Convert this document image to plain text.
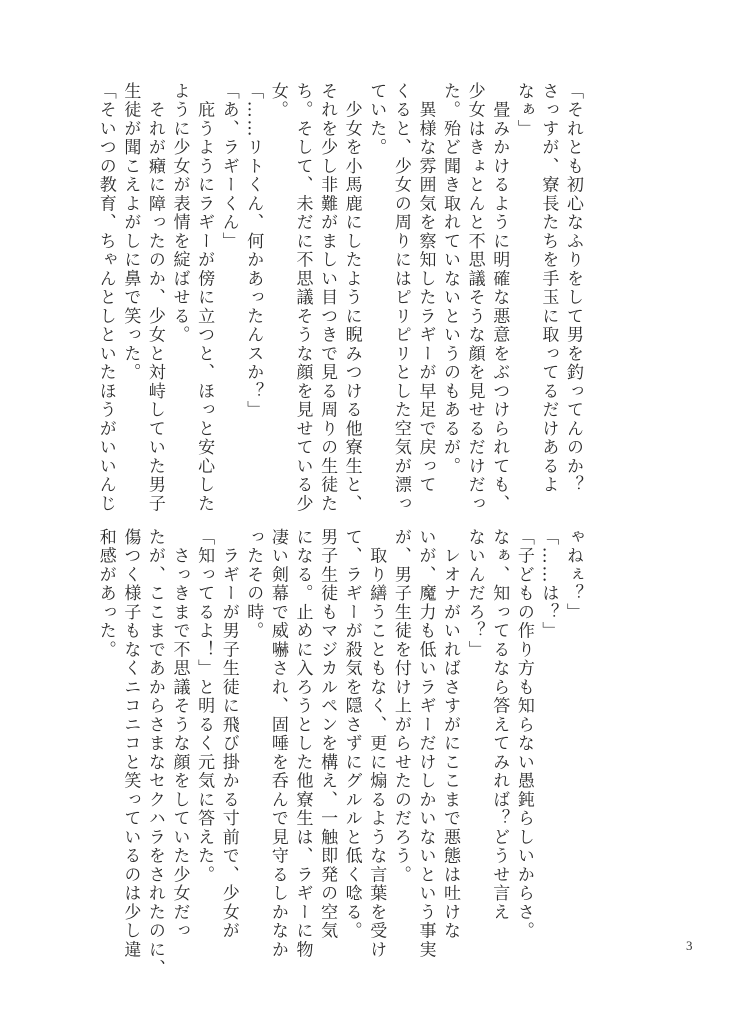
「それとも初心なふりをして男を釣ってんのか？
さっすが、寮長たちを手玉に取ってるだけあるよ
なぁ」
　畳みかけるように明確な悪意をぶつけられても、
少女はきょとんと不思議そうな顔を見せるだけだっ
た。殆ど聞き取れていないというのもあるが。
　異様な雰囲気を察知したラギーが早足で戻って
くると、少女の周りにはピリピリとした空気が漂っ
ていた。
　少女を小馬鹿にしたように睨みつける他寮生と、
それを少し非難がましい目つきで見る周りの生徒た
ち。そして、未だに不思議そうな顔を見せている少
女。
「……リトくん、何かあったんスか？」
「あ、ラギーくん」
　庇うようにラギーが傍に立つと、ほっと安心した
ように少女が表情を綻ばせる。
　それが癪に障ったのか、少女と対峙していた男子
生徒が聞こえよがしに鼻で笑った。
「そいつの教育、ちゃんとしといたほうがいいんじ
ゃねぇ？」
「……は？」
「子どもの作り方も知らない愚鈍らしいからさ。
なぁ、知ってるなら答えてみれば？どうせ言え
ないんだろ？」
　レオナがいればさすがにここまで悪態は吐けな
いが、魔力も低いラギーだけしかいないという事実
が、男子生徒を付け上がらせたのだろう。
　取り繕うこともなく、更に煽るような言葉を受け
て、ラギーが殺気を隠さずにグルルと低く唸る。
男子生徒もマジカルペンを構え、一触即発の空気
になる。止めに入ろうとした他寮生は、ラギーに物
凄い剣幕で威嚇され、固唾を呑んで見守るしかなか
ったその時。
　ラギーが男子生徒に飛び掛かる寸前で、少女が
「知ってるよ！」と明るく元気に答えた。
　さっきまで不思議そうな顔をしていた少女だっ
たが、ここまであからさまなセクハラをされたのに、
傷つく様子もなくニコニコと笑っているのは少し違
和感があった。
3
